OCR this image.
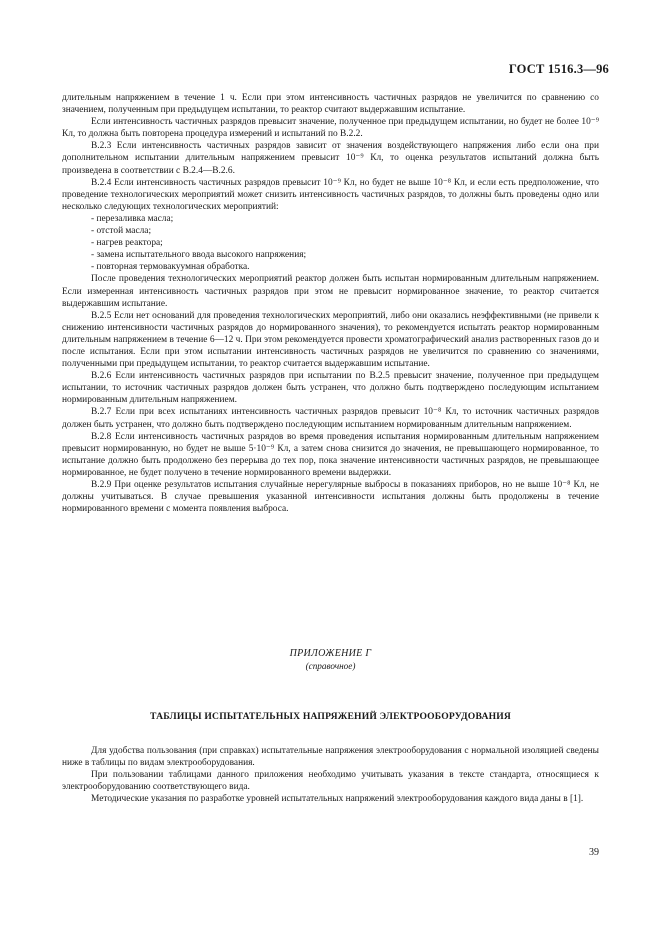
ГОСТ 1516.3—96

длительным напряжением в течение 1 ч. Если при этом интенсивность частичных разрядов не увеличится по сравнению со значением, полученным при предыдущем испытании, то реактор считают выдержавшим испытание.

Если интенсивность частичных разрядов превысит значение, полученное при предыдущем испытании, но будет не более 10⁻⁹ Кл, то должна быть повторена процедура измерений и испытаний по В.2.2.

В.2.3 Если интенсивность частичных разрядов зависит от значения воздействующего напряжения либо если она при дополнительном испытании длительным напряжением превысит 10⁻⁹ Кл, то оценка результатов испытаний должна быть произведена в соответствии с В.2.4—В.2.6.

В.2.4 Если интенсивность частичных разрядов превысит 10⁻⁹ Кл, но будет не выше 10⁻⁸ Кл, и если есть предположение, что проведение технологических мероприятий может снизить интенсивность частичных разрядов, то должны быть проведены одно или несколько следующих технологических мероприятий:

- перезаливка масла;

- отстой масла;

- нагрев реактора;

- замена испытательного ввода высокого напряжения;

- повторная термовакуумная обработка.

После проведения технологических мероприятий реактор должен быть испытан нормированным длительным напряжением. Если измеренная интенсивность частичных разрядов при этом не превысит нормированное значение, то реактор считается выдержавшим испытание.

В.2.5 Если нет оснований для проведения технологических мероприятий, либо они оказались неэффективными (не привели к снижению интенсивности частичных разрядов до нормированного значения), то рекомендуется испытать реактор нормированным длительным напряжением в течение 6—12 ч. При этом рекомендуется провести хроматографический анализ растворенных газов до и после испытания. Если при этом испытании интенсивность частичных разрядов не увеличится по сравнению со значениями, полученными при предыдущем испытании, то реактор считается выдержавшим испытание.

В.2.6 Если интенсивность частичных разрядов при испытании по В.2.5 превысит значение, полученное при предыдущем испытании, то источник частичных разрядов должен быть устранен, что должно быть подтверждено последующим испытанием нормированным длительным напряжением.

В.2.7 Если при всех испытаниях интенсивность частичных разрядов превысит 10⁻⁸ Кл, то источник частичных разрядов должен быть устранен, что должно быть подтверждено последующим испытанием нормированным длительным напряжением.

В.2.8 Если интенсивность частичных разрядов во время проведения испытания нормированным длительным напряжением превысит нормированную, но будет не выше 5·10⁻⁹ Кл, а затем снова снизится до значения, не превышающего нормированное, то испытание должно быть продолжено без перерыва до тех пор, пока значение интенсивности частичных разрядов, не превышающее нормированное, не будет получено в течение нормированного времени выдержки.

В.2.9 При оценке результатов испытания случайные нерегулярные выбросы в показаниях приборов, но не выше 10⁻⁸ Кл, не должны учитываться. В случае превышения указанной интенсивности испытания должны быть продолжены в течение нормированного времени с момента появления выброса.

ПРИЛОЖЕНИЕ Г
(справочное)
ТАБЛИЦЫ ИСПЫТАТЕЛЬНЫХ НАПРЯЖЕНИЙ ЭЛЕКТРООБОРУДОВАНИЯ

Для удобства пользования (при справках) испытательные напряжения электрооборудования с нормальной изоляцией сведены ниже в таблицы по видам электрооборудования.

При пользовании таблицами данного приложения необходимо учитывать указания в тексте стандарта, относящиеся к электрооборудованию соответствующего вида.

Методические указания по разработке уровней испытательных напряжений электрооборудования каждого вида даны в [1].

39
